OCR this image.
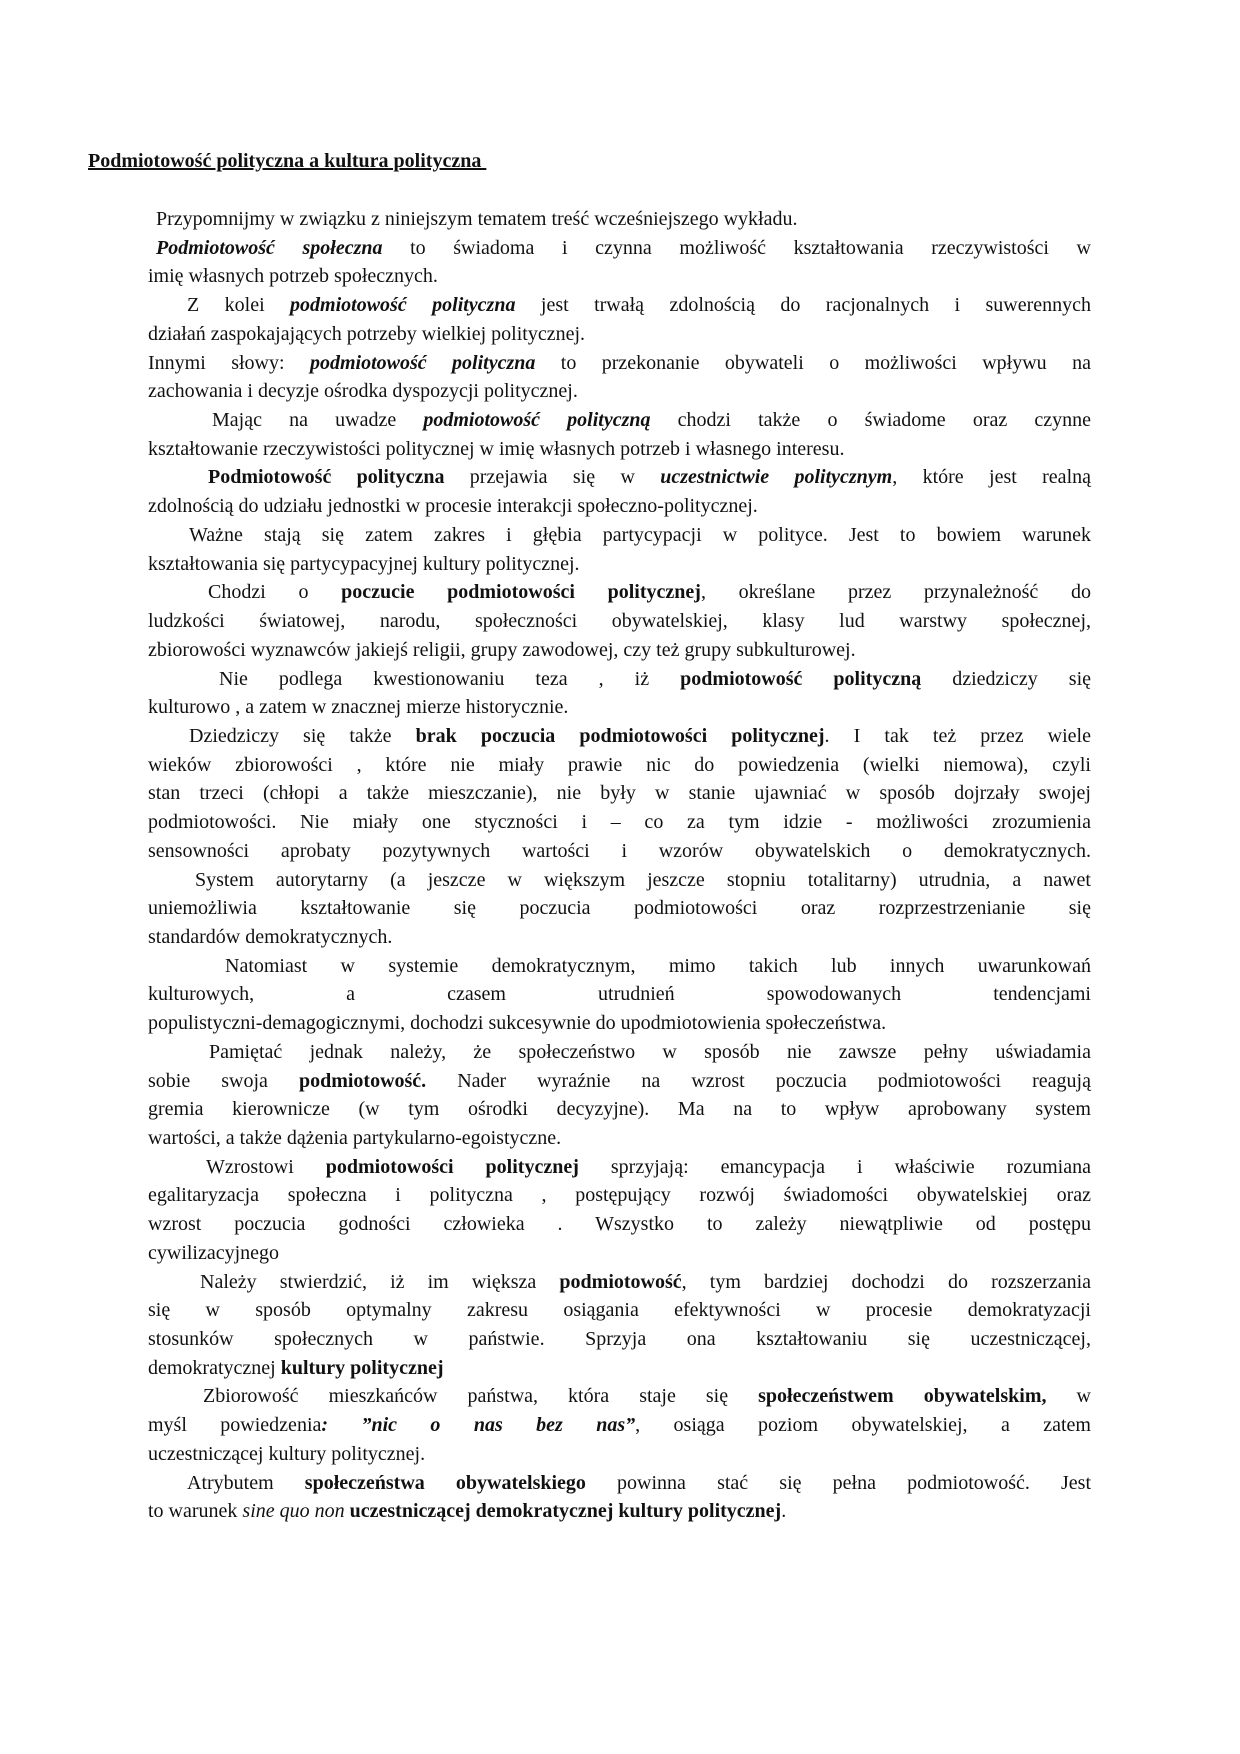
Podmiotowość polityczna a kultura polityczna
Przypomnijmy w związku z niniejszym tematem treść wcześniejszego wykładu.
Podmiotowość społeczna to świadoma i czynna możliwość kształtowania rzeczywistości w
imię własnych potrzeb społecznych.
Z kolei podmiotowość polityczna jest trwałą zdolnością do racjonalnych i suwerennych
działań zaspokajających potrzeby wielkiej politycznej.
Innymi słowy: podmiotowość polityczna to przekonanie obywateli o możliwości wpływu na
zachowania i decyzje ośrodka dyspozycji politycznej.
Mając na uwadze podmiotowość polityczną chodzi także o świadome oraz czynne
kształtowanie rzeczywistości politycznej w imię własnych potrzeb i własnego interesu.
Podmiotowość polityczna przejawia się w uczestnictwie politycznym, które jest realną
zdolnością do udziału jednostki w procesie interakcji społeczno-politycznej.
Ważne stają się zatem zakres i głębia partycypacji w polityce. Jest to bowiem warunek
kształtowania się partycypacyjnej kultury politycznej.
Chodzi o poczucie podmiotowości politycznej, określane przez przynależność do
ludzkości światowej, narodu, społeczności obywatelskiej, klasy lud warstwy społecznej,
zbiorowości wyznawców jakiejś religii, grupy zawodowej, czy też grupy subkulturowej.
Nie podlega kwestionowaniu teza , iż podmiotowość polityczną dziedziczy się
kulturowo , a zatem w znacznej mierze historycznie.
Dziedziczy się także brak poczucia podmiotowości politycznej. I tak też przez wiele
wieków zbiorowości , które nie miały prawie nic do powiedzenia (wielki niemowa), czyli
stan trzeci (chłopi a także mieszczanie), nie były w stanie ujawniać w sposób dojrzały swojej
podmiotowości. Nie miały one styczności i – co za tym idzie - możliwości zrozumienia
sensowności aprobaty pozytywnych wartości i wzorów obywatelskich o demokratycznych.
System autorytarny (a jeszcze w większym jeszcze stopniu totalitarny) utrudnia, a nawet
uniemożliwia kształtowanie się poczucia podmiotowości oraz rozprzestrzenianie się
standardów demokratycznych.
Natomiast w systemie demokratycznym, mimo takich lub innych uwarunkowań
kulturowych, a czasem utrudnień spowodowanych tendencjami
populistyczni-demagogicznymi, dochodzi sukcesywnie do upodmiotowienia społeczeństwa.
Pamiętać jednak należy, że społeczeństwo w sposób nie zawsze pełny uświadamia
sobie swoja podmiotowość. Nader wyraźnie na wzrost poczucia podmiotowości reagują
gremia kierownicze (w tym ośrodki decyzyjne). Ma na to wpływ aprobowany system
wartości, a także dążenia partykularno-egoistyczne.
Wzrostowi podmiotowości politycznej sprzyjają: emancypacja i właściwie rozumiana
egalitaryzacja społeczna i polityczna , postępujący rozwój świadomości obywatelskiej oraz
wzrost poczucia godności człowieka . Wszystko to zależy niewątpliwie od postępu
cywilizacyjnego
Należy stwierdzić, iż im większa podmiotowość, tym bardziej dochodzi do rozszerzania
się w sposób optymalny zakresu osiągania efektywności w procesie demokratyzacji
stosunków społecznych w państwie. Sprzyja ona kształtowaniu się uczestniczącej,
demokratycznej kultury politycznej
Zbiorowość mieszkańców państwa, która staje się społeczeństwem obywatelskim, w
myśl powiedzenia: ”nic o nas bez nas”, osiąga poziom obywatelskiej, a zatem
uczestniczącej kultury politycznej.
Atrybutem społeczeństwa obywatelskiego powinna stać się pełna podmiotowość. Jest
to warunek sine quo non uczestniczącej demokratycznej kultury politycznej.
